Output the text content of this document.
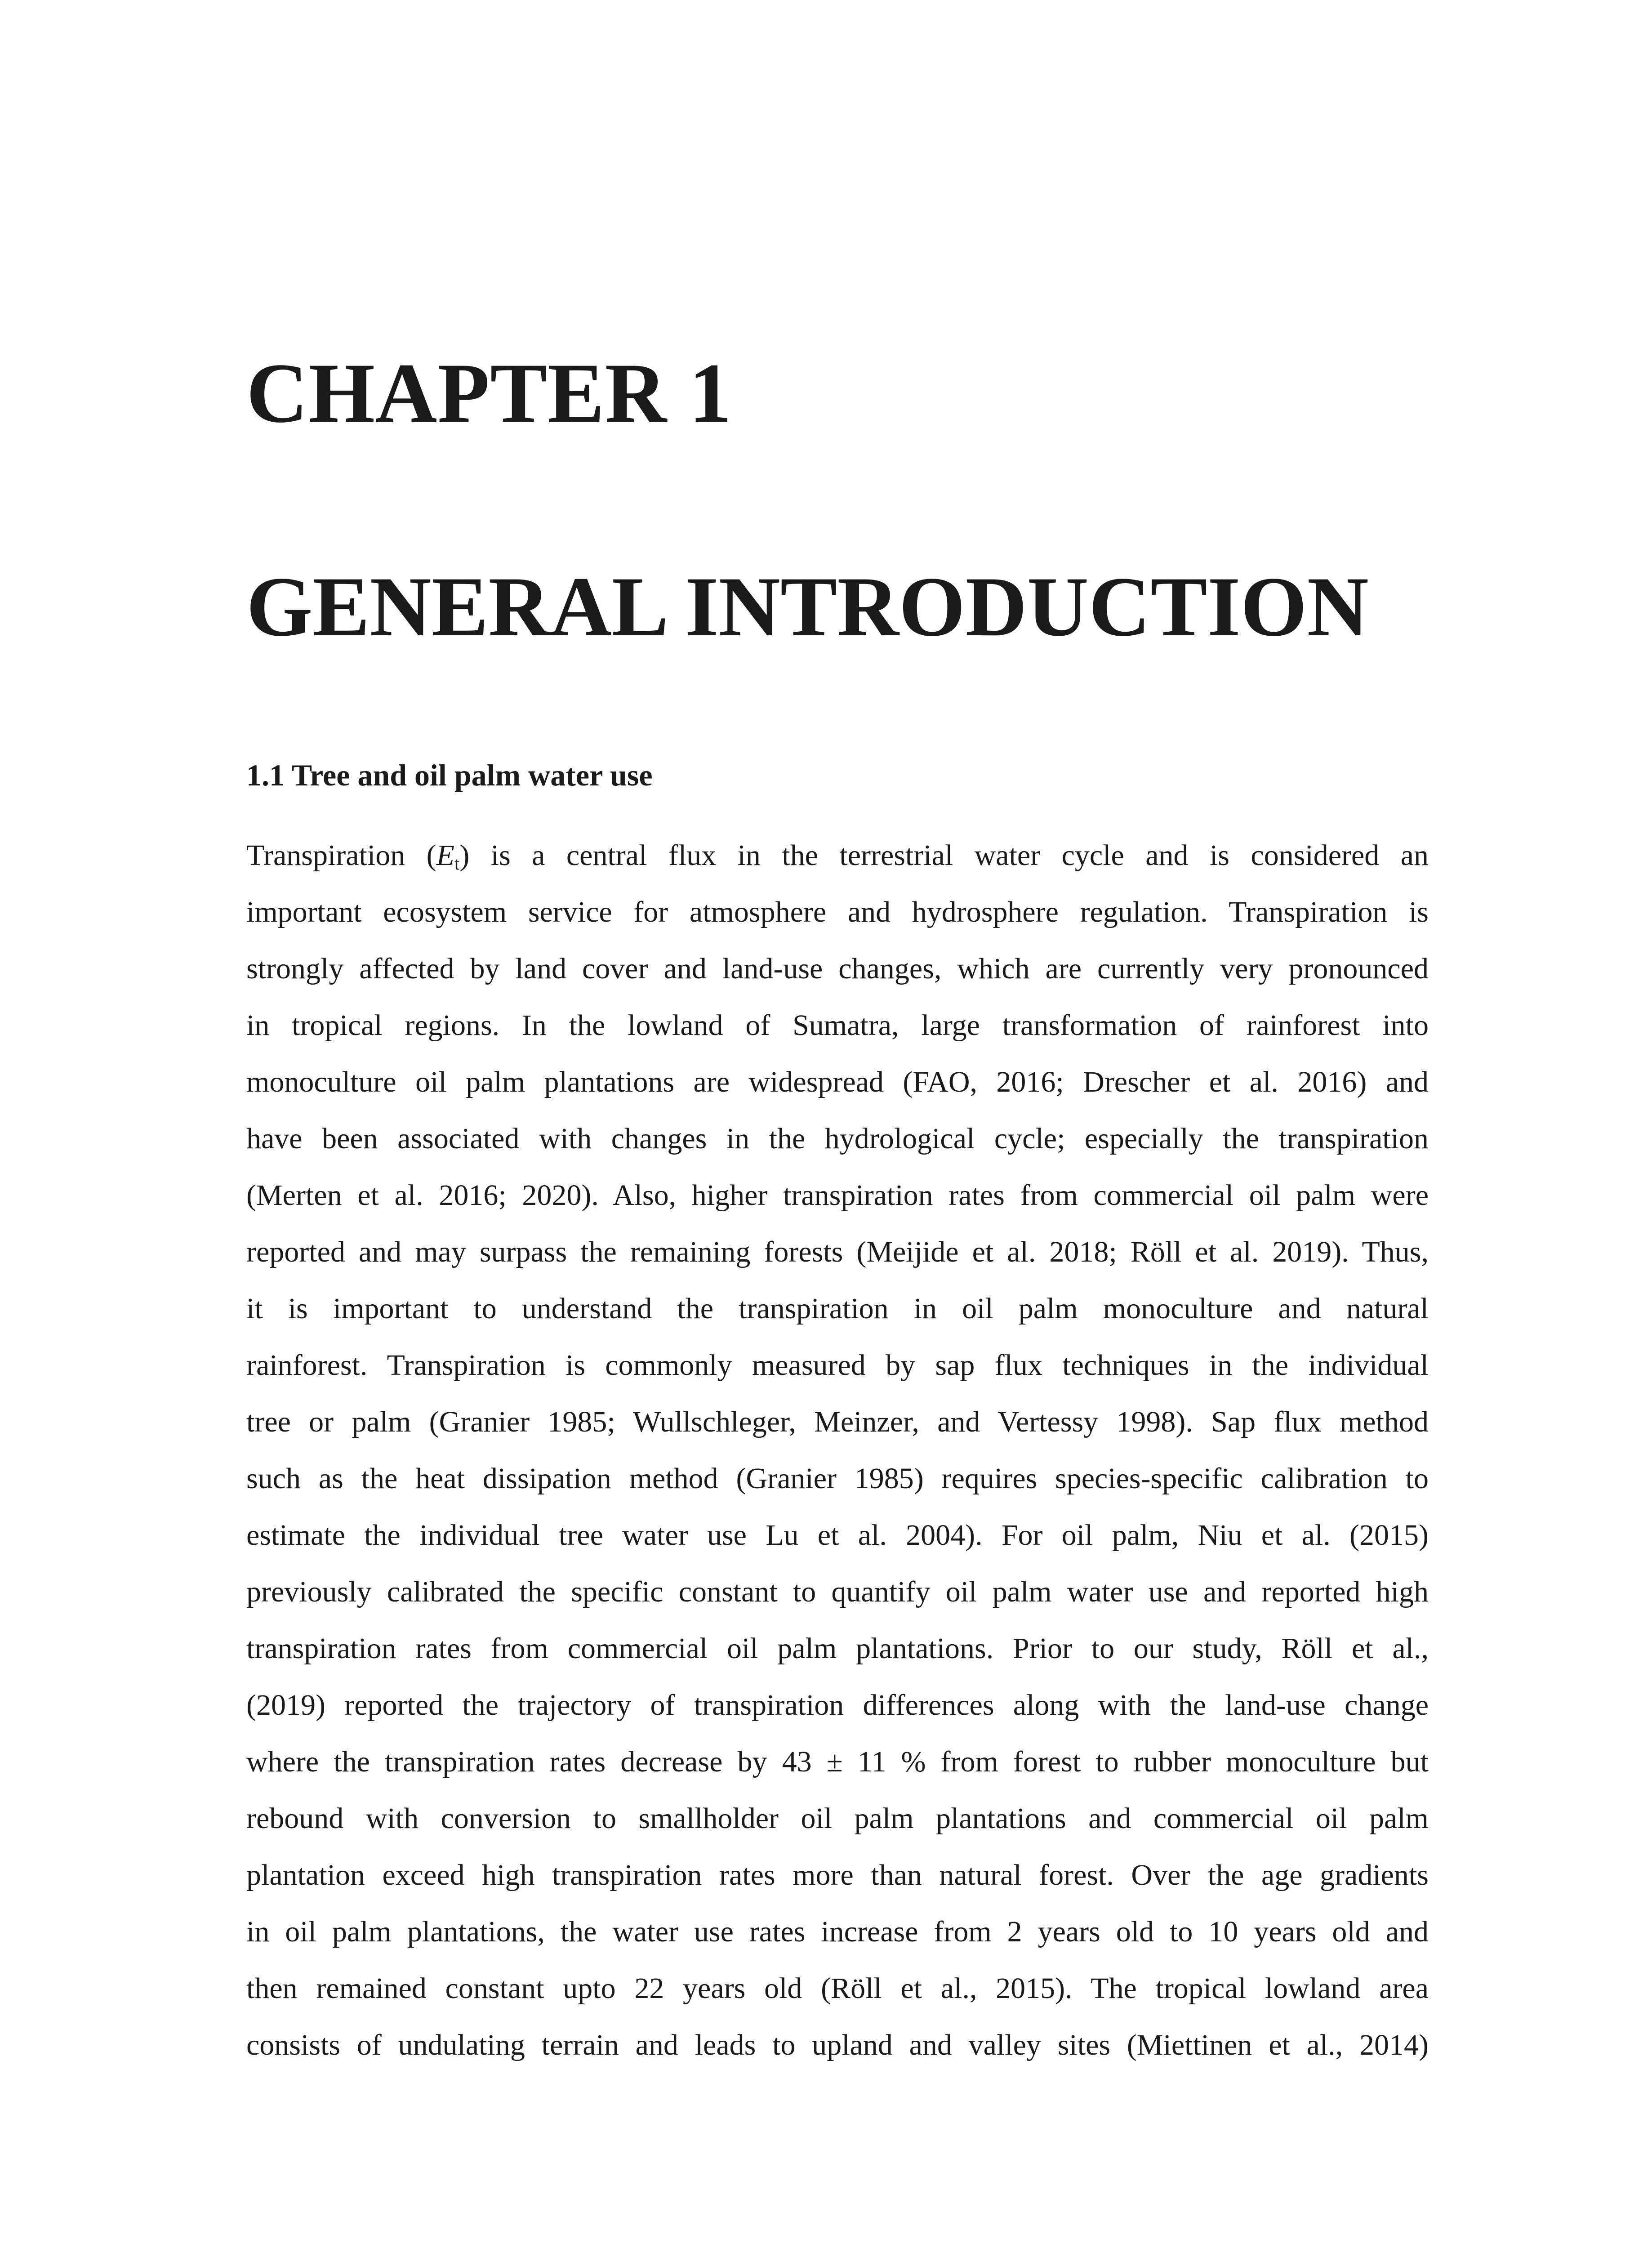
CHAPTER 1
GENERAL INTRODUCTION
1.1 Tree and oil palm water use
Transpiration $(E_t)$ is a central flux in the terrestrial water cycle and is considered an
important ecosystem service for atmosphere and hydrosphere regulation. Transpiration is
strongly affected by land cover and land-use changes, which are currently very pronounced
in tropical regions. In the lowland of Sumatra, large transformation of rainforest into
monoculture oil palm plantations are widespread (FAO, 2016; Drescher et al. 2016) and
have been associated with changes in the hydrological cycle; especially the transpiration
(Merten et al. 2016; 2020). Also, higher transpiration rates from commercial oil palm were
reported and may surpass the remaining forests (Meijide et al. 2018; Röll et al. 2019). Thus,
it is important to understand the transpiration in oil palm monoculture and natural
rainforest. Transpiration is commonly measured by sap flux techniques in the individual
tree or palm (Granier 1985; Wullschleger, Meinzer, and Vertessy 1998). Sap flux method
such as the heat dissipation method (Granier 1985) requires species-specific calibration to
estimate the individual tree water use Lu et al. 2004). For oil palm, Niu et al. (2015)
previously calibrated the specific constant to quantify oil palm water use and reported high
transpiration rates from commercial oil palm plantations. Prior to our study, Röll et al.,
(2019) reported the trajectory of transpiration differences along with the land-use change
where the transpiration rates decrease by 43 ± 11 % from forest to rubber monoculture but
rebound with conversion to smallholder oil palm plantations and commercial oil palm
plantation exceed high transpiration rates more than natural forest. Over the age gradients
in oil palm plantations, the water use rates increase from 2 years old to 10 years old and
then remained constant upto 22 years old (Röll et al., 2015). The tropical lowland area
consists of undulating terrain and leads to upland and valley sites (Miettinen et al., 2014)
